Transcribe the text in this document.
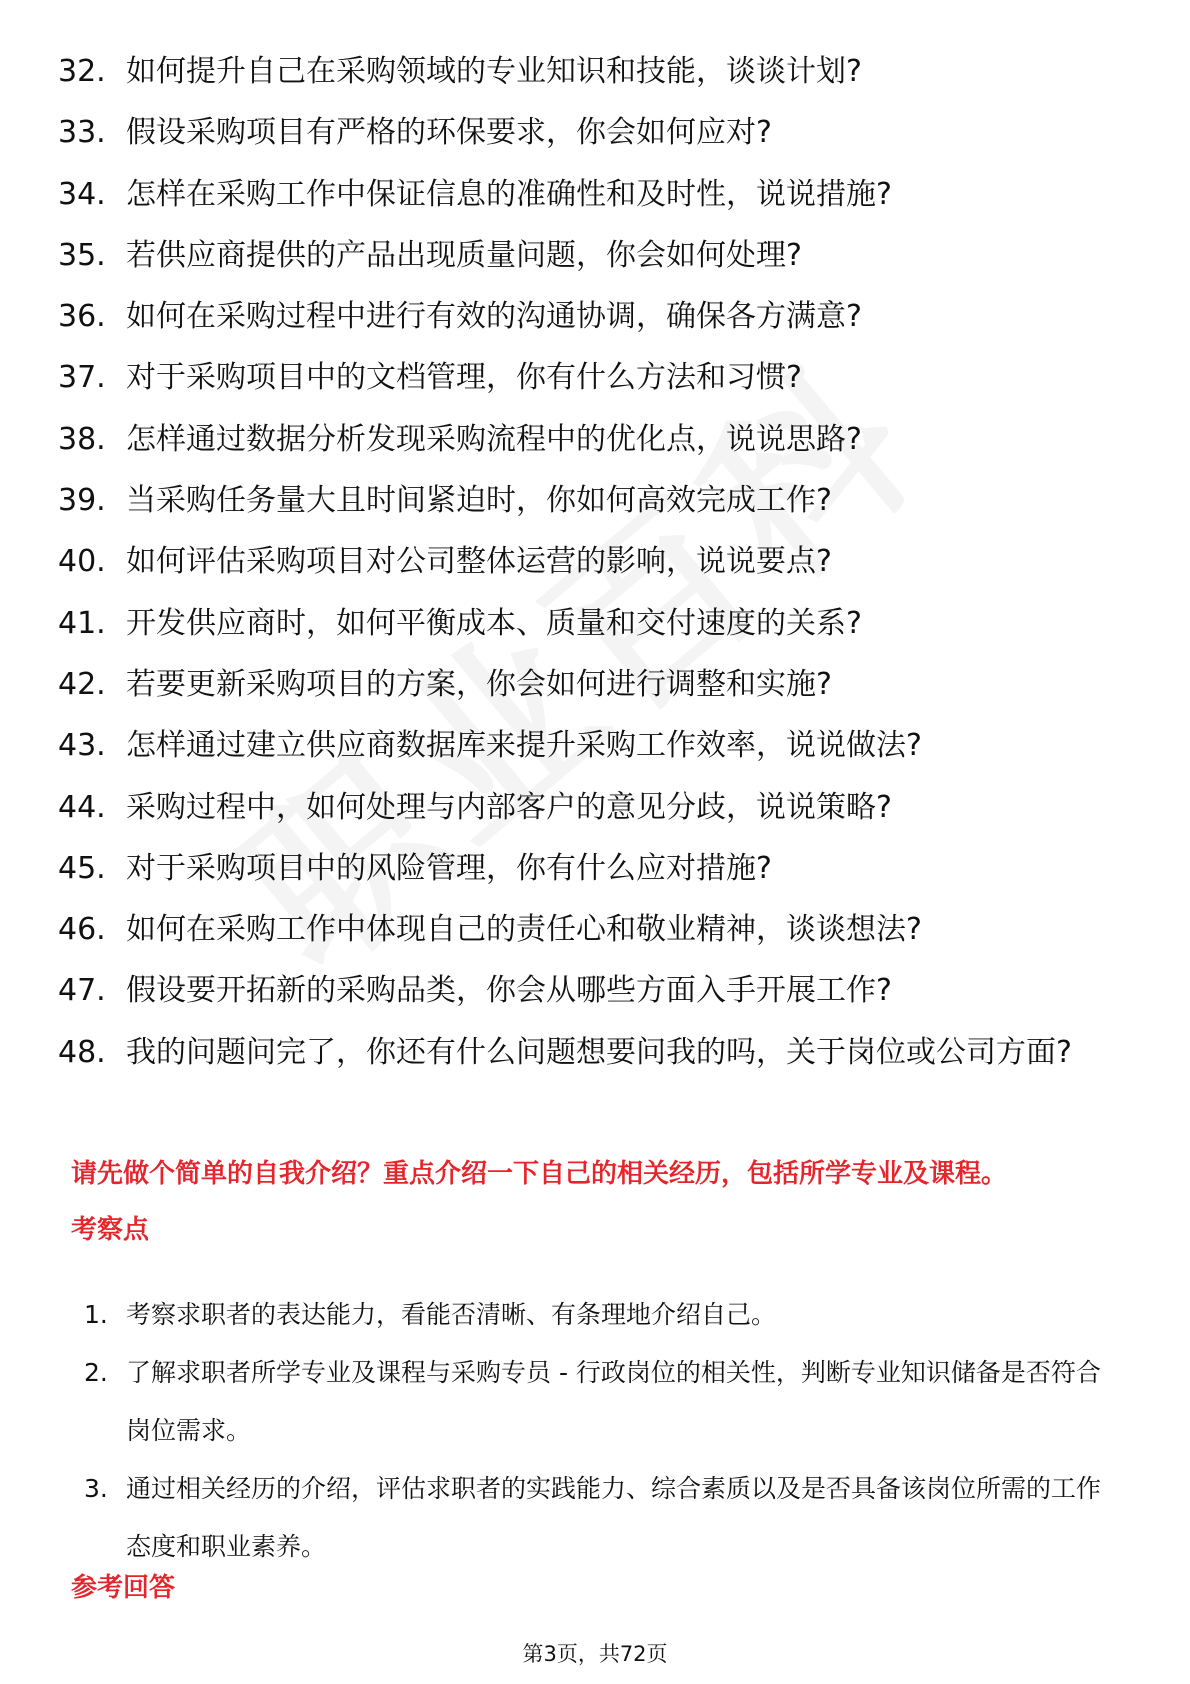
32. 如何提升自己在采购领域的专业知识和技能，谈谈计划?
33. 假设采购项目有严格的环保要求，你会如何应对?
34. 怎样在采购工作中保证信息的准确性和及时性，说说措施?
35. 若供应商提供的产品出现质量问题，你会如何处理?
36. 如何在采购过程中进行有效的沟通协调，确保各方满意?
37. 对于采购项目中的文档管理，你有什么方法和习惯?
38. 怎样通过数据分析发现采购流程中的优化点，说说思路?
39. 当采购任务量大且时间紧迫时，你如何高效完成工作?
40. 如何评估采购项目对公司整体运营的影响，说说要点?
41. 开发供应商时，如何平衡成本、质量和交付速度的关系?
42. 若要更新采购项目的方案，你会如何进行调整和实施?
43. 怎样通过建立供应商数据库来提升采购工作效率，说说做法?
44. 采购过程中，如何处理与内部客户的意见分歧，说说策略?
45. 对于采购项目中的风险管理，你有什么应对措施?
46. 如何在采购工作中体现自己的责任心和敬业精神，谈谈想法?
47. 假设要开拓新的采购品类，你会从哪些方面入手开展工作?
48. 我的问题问完了，你还有什么问题想要问我的吗，关于岗位或公司方面?
请先做个简单的自我介绍？重点介绍一下自己的相关经历，包括所学专业及课程。
考察点
1. 考察求职者的表达能力，看能否清晰、有条理地介绍自己。
2. 了解求职者所学专业及课程与采购专员 - 行政岗位的相关性，判断专业知识储备是否符合岗位需求。
3. 通过相关经历的介绍，评估求职者的实践能力、综合素质以及是否具备该岗位所需的工作态度和职业素养。
参考回答
第3页，共72页
